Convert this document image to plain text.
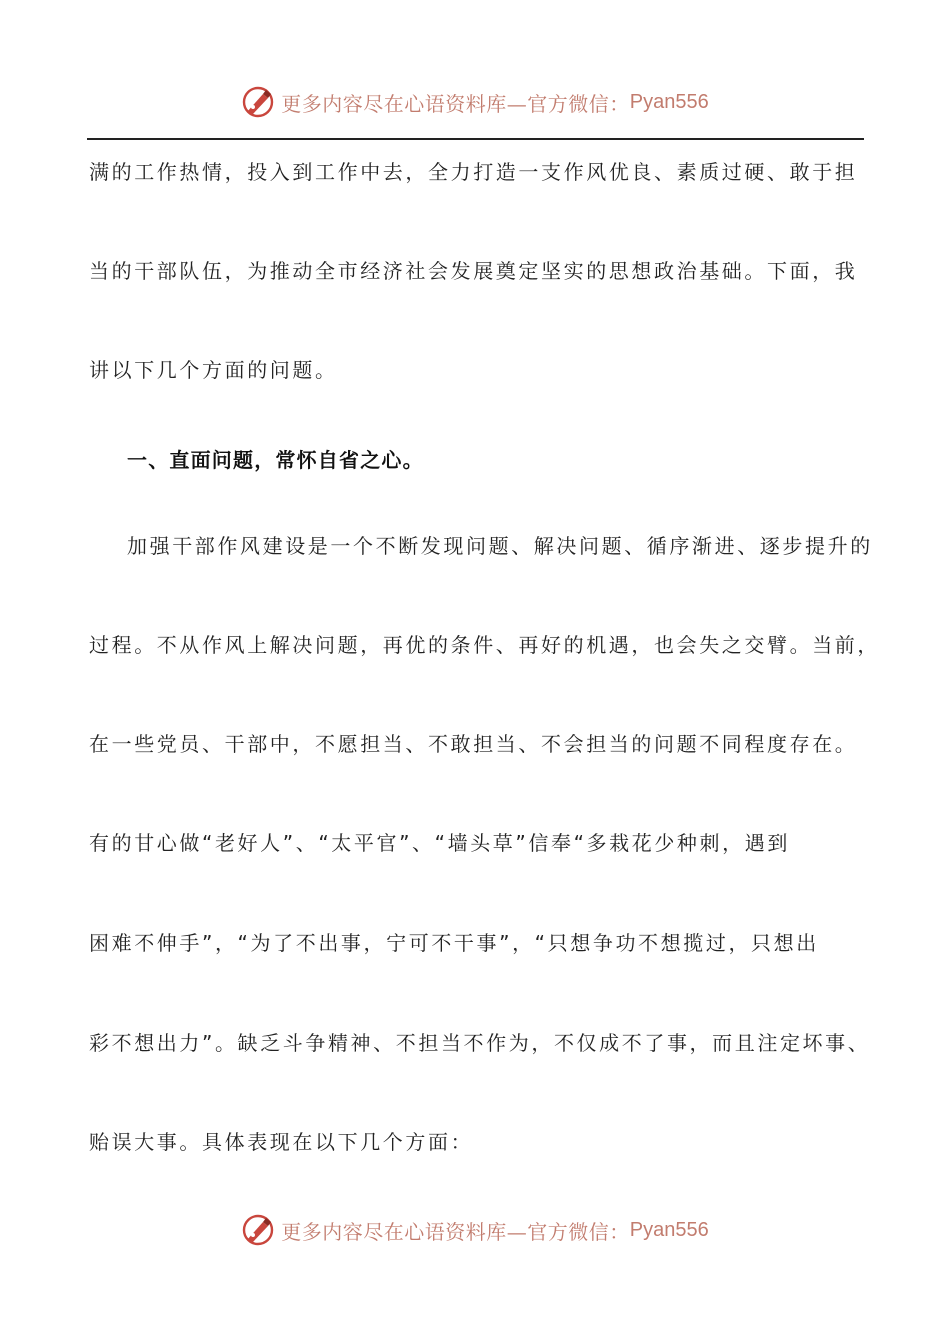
更多内容尽在心语资料库—官方微信： Pyan556
满的工作热情，投入到工作中去，全力打造一支作风优良、素质过硬、敢于担
当的干部队伍，为推动全市经济社会发展奠定坚实的思想政治基础。下面，我
讲以下几个方面的问题。
一、直面问题，常怀自省之心。
加强干部作风建设是一个不断发现问题、解决问题、循序渐进、逐步提升的
过程。不从作风上解决问题，再优的条件、再好的机遇，也会失之交臂。当前，
在一些党员、干部中，不愿担当、不敢担当、不会担当的问题不同程度存在。
有的甘心做“老好人”、“太平官”、“墙头草”信奉“多栽花少种刺，遇到
困难不伸手”，“为了不出事，宁可不干事”，“只想争功不想揽过，只想出
彩不想出力”。缺乏斗争精神、不担当不作为，不仅成不了事，而且注定坏事、
贻误大事。具体表现在以下几个方面：
更多内容尽在心语资料库—官方微信： Pyan556
